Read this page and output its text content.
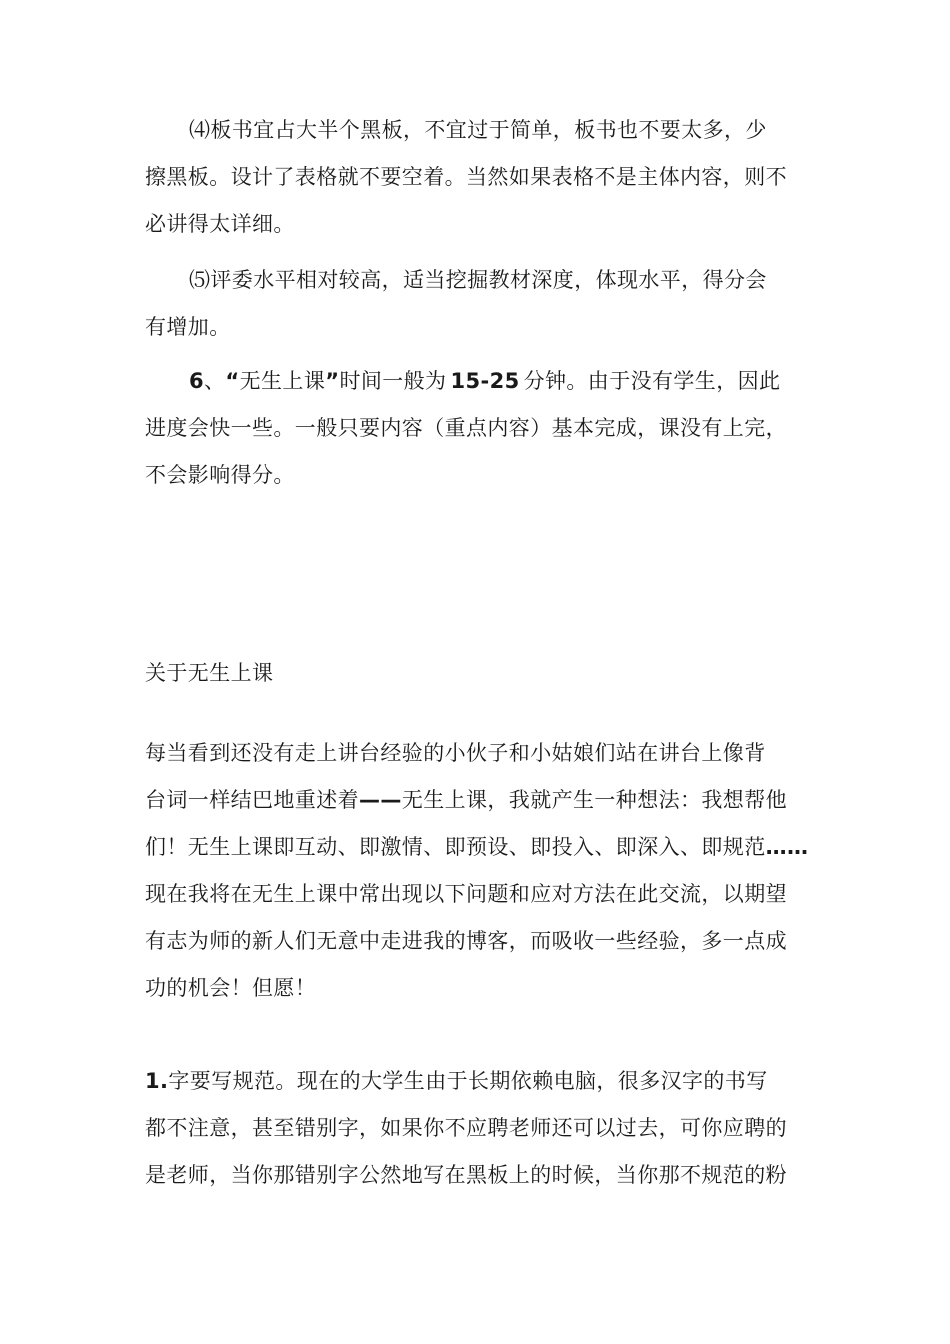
⑷板书宜占大半个黑板，不宜过于简单，板书也不要太多，少
擦黑板。设计了表格就不要空着。当然如果表格不是主体内容，则不
必讲得太详细。

⑸评委水平相对较高，适当挖掘教材深度，体现水平，得分会
有增加。

6、“无生上课”时间一般为 15-25 分钟。由于没有学生，因此
进度会快一些。一般只要内容（重点内容）基本完成，课没有上完，
不会影响得分。

关于无生上课

每当看到还没有走上讲台经验的小伙子和小姑娘们站在讲台上像背
台词一样结巴地重述着——无生上课，我就产生一种想法：我想帮他
们！无生上课即互动、即激情、即预设、即投入、即深入、即规范……
现在我将在无生上课中常出现以下问题和应对方法在此交流，以期望
有志为师的新人们无意中走进我的博客，而吸收一些经验，多一点成
功的机会！但愿！

1.字要写规范。现在的大学生由于长期依赖电脑，很多汉字的书写
都不注意，甚至错别字，如果你不应聘老师还可以过去，可你应聘的
是老师，当你那错别字公然地写在黑板上的时候，当你那不规范的粉
